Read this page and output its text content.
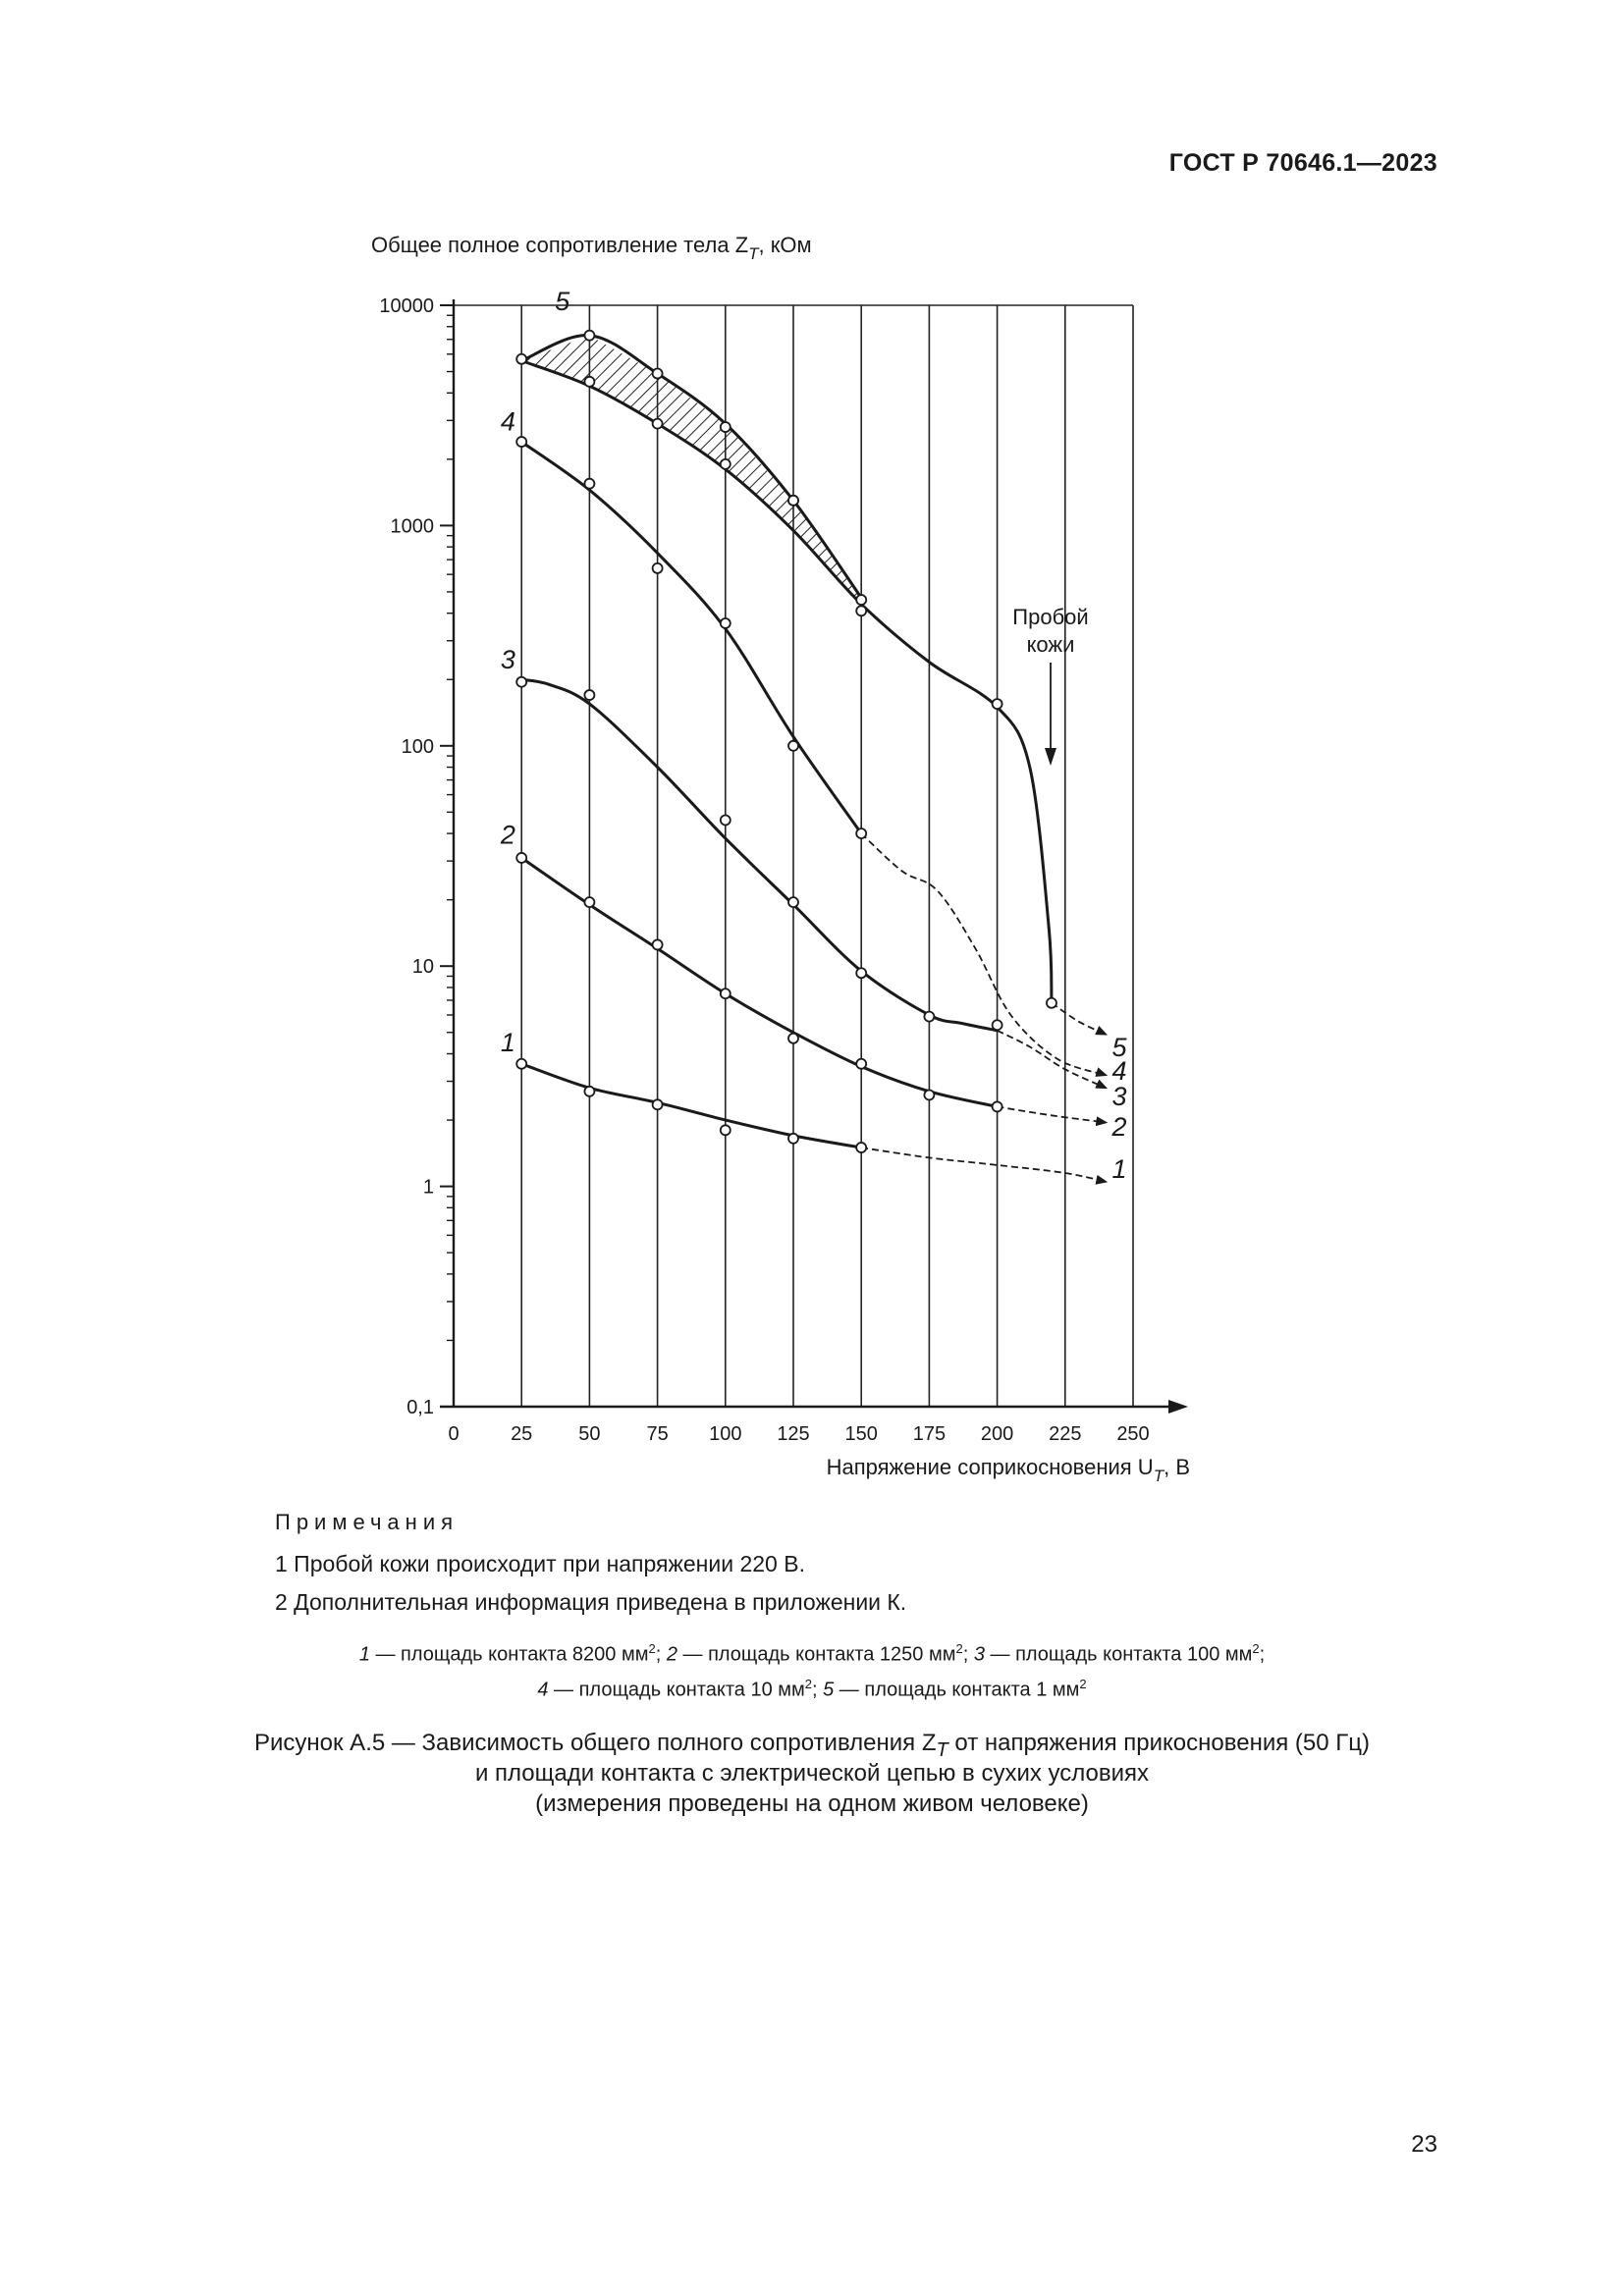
ГОСТ Р 70646.1—2023
0,1
1
10
100
1000
10000
0	25 50 75 100 125 150 175 200 225 250
Общее полное сопротивление тела $Z_T$, кОм
Напряжение соприкосновения $U_T$, В
1
2
3
4
5
5
4
3
2
1
Пробой
кожи
Примечания
1 Пробой кожи происходит при напряжении 220 В.
2 Дополнительная информация приведена в приложении К.
1 — площадь контакта 8200 $мм^2$; 2 — площадь контакта 1250 $мм^2$; 3 — площадь контакта 100 $мм^2$;
4 — площадь контакта 10 $мм^2$; 5 — площадь контакта 1 $мм^2$
Рисунок А.5 — Зависимость общего полного сопротивления $Z_T$ от напряжения прикосновения (50 Гц)
и площади контакта с электрической цепью в сухих условиях
(измерения проведены на одном живом человеке)
23
